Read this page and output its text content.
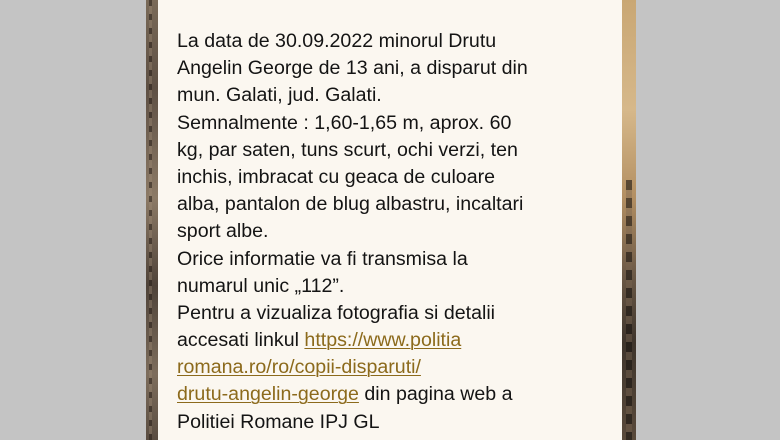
La data de 30.09.2022 minorul Drutu
Angelin George de 13 ani, a disparut din
mun. Galati, jud. Galati.
Semnalmente : 1,60-1,65 m, aprox. 60
kg, par saten, tuns scurt, ochi verzi, ten
inchis, imbracat cu geaca de culoare
alba, pantalon de blug albastru, incaltari
sport albe.
Orice informatie va fi transmisa la
numarul unic „112”.
Pentru a vizualiza fotografia si detalii
accesati linkul https://www.politia
romana.ro/ro/copii-disparuti/
drutu-angelin-george din pagina web a
Politiei Romane IPJ GL
